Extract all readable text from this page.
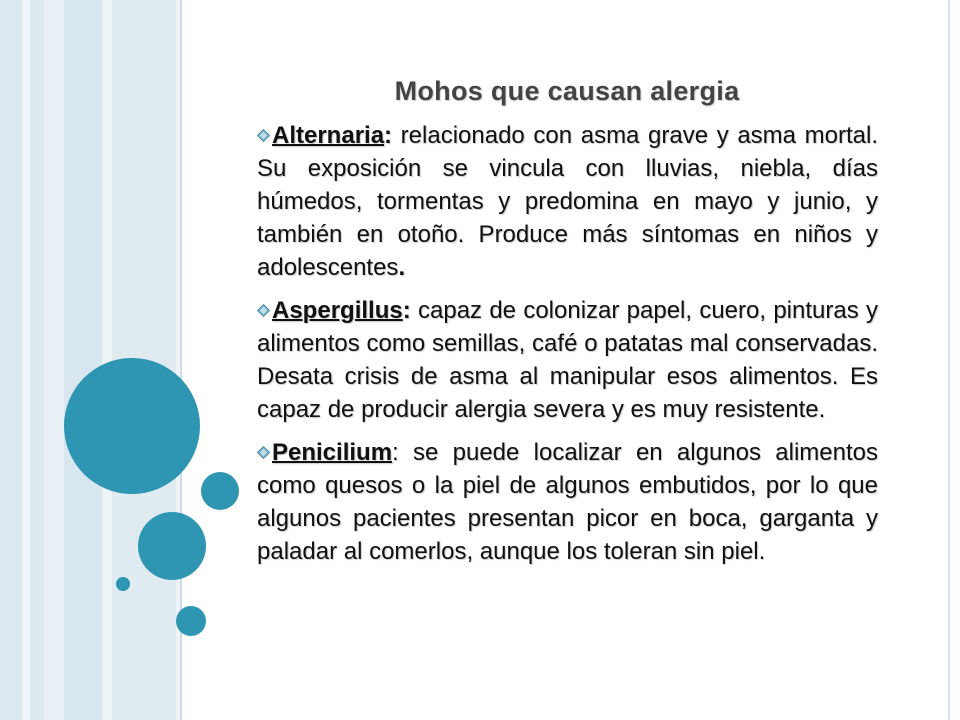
Mohos que causan alergia

Alternaria: relacionado con asma grave y asma mortal. Su exposición se vincula con lluvias, niebla, días húmedos, tormentas y predomina en mayo y junio, y también en otoño. Produce más síntomas en niños y adolescentes.

Aspergillus: capaz de colonizar papel, cuero, pinturas y alimentos como semillas, café o patatas mal conservadas. Desata crisis de asma al manipular esos alimentos. Es capaz de producir alergia severa y es muy resistente.

Penicilium: se puede localizar en algunos alimentos como quesos o la piel de algunos embutidos, por lo que algunos pacientes presentan picor en boca, garganta y paladar al comerlos, aunque los toleran sin piel.
